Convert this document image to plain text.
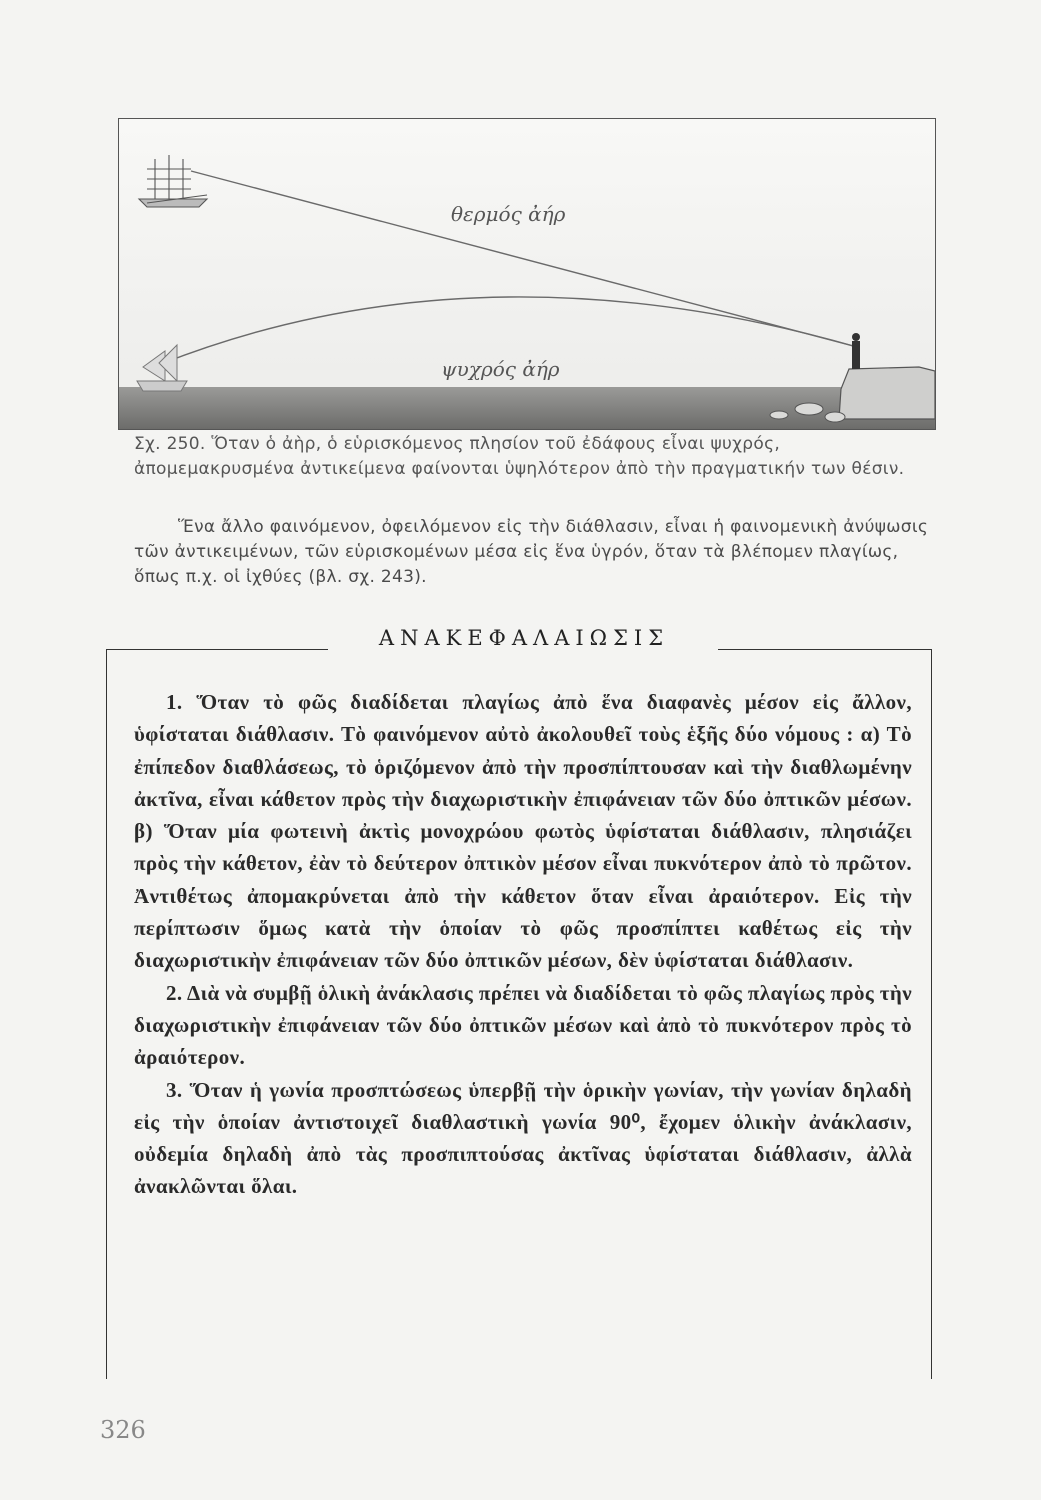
θερμός ἀήρ
ψυχρός ἀήρ

Σχ. 250. Ὅταν ὁ ἀὴρ, ὁ εὑρισκόμενος πλησίον τοῦ ἐδάφους εἶναι ψυχρός, ἀπομεμακρυσμένα ἀντικείμενα φαίνονται ὑψηλότερον ἀπὸ τὴν πραγματικήν των θέσιν.

Ἕνα ἄλλο φαινόμενον, ὀφειλόμενον εἰς τὴν διάθλασιν, εἶναι ἡ φαινομενικὴ ἀνύψωσις τῶν ἀντικειμένων, τῶν εὑρισκομένων μέσα εἰς ἕνα ὑγρόν, ὅταν τὰ βλέπομεν πλαγίως, ὅπως π.χ. οἱ ἰχθύες (βλ. σχ. 243).

ΑΝΑΚΕΦΑΛΑΙΩΣΙΣ

1. Ὅταν τὸ φῶς διαδίδεται πλαγίως ἀπὸ ἕνα διαφανὲς μέσον εἰς ἄλλον, ὑφίσταται διάθλασιν. Τὸ φαινόμενον αὐτὸ ἀκολουθεῖ τοὺς ἑξῆς δύο νόμους : α) Τὸ ἐπίπεδον διαθλάσεως, τὸ ὁριζόμενον ἀπὸ τὴν προσπίπτουσαν καὶ τὴν διαθλωμένην ἀκτῖνα, εἶναι κάθετον πρὸς τὴν διαχωριστικὴν ἐπιφάνειαν τῶν δύο ὀπτικῶν μέσων. β) Ὅταν μία φωτεινὴ ἀκτὶς μονοχρώου φωτὸς ὑφίσταται διάθλασιν, πλησιάζει πρὸς τὴν κάθετον, ἐὰν τὸ δεύτερον ὀπτικὸν μέσον εἶναι πυκνότερον ἀπὸ τὸ πρῶτον. Ἀντιθέτως ἀπομακρύνεται ἀπὸ τὴν κάθετον ὅταν εἶναι ἀραιότερον. Εἰς τὴν περίπτωσιν ὅμως κατὰ τὴν ὁποίαν τὸ φῶς προσπίπτει καθέτως εἰς τὴν διαχωριστικὴν ἐπιφάνειαν τῶν δύο ὀπτικῶν μέσων, δὲν ὑφίσταται διάθλασιν.

2. Διὰ νὰ συμβῇ ὁλικὴ ἀνάκλασις πρέπει νὰ διαδίδεται τὸ φῶς πλαγίως πρὸς τὴν διαχωριστικὴν ἐπιφάνειαν τῶν δύο ὀπτικῶν μέσων καὶ ἀπὸ τὸ πυκνότερον πρὸς τὸ ἀραιότερον.

3. Ὅταν ἡ γωνία προσπτώσεως ὑπερβῇ τὴν ὁρικὴν γωνίαν, τὴν γωνίαν δηλαδὴ εἰς τὴν ὁποίαν ἀντιστοιχεῖ διαθλαστικὴ γωνία 90⁰, ἔχομεν ὁλικὴν ἀνάκλασιν, οὐδεμία δηλαδὴ ἀπὸ τὰς προσπιπτούσας ἀκτῖνας ὑφίσταται διάθλασιν, ἀλλὰ ἀνακλῶνται ὅλαι.

326
